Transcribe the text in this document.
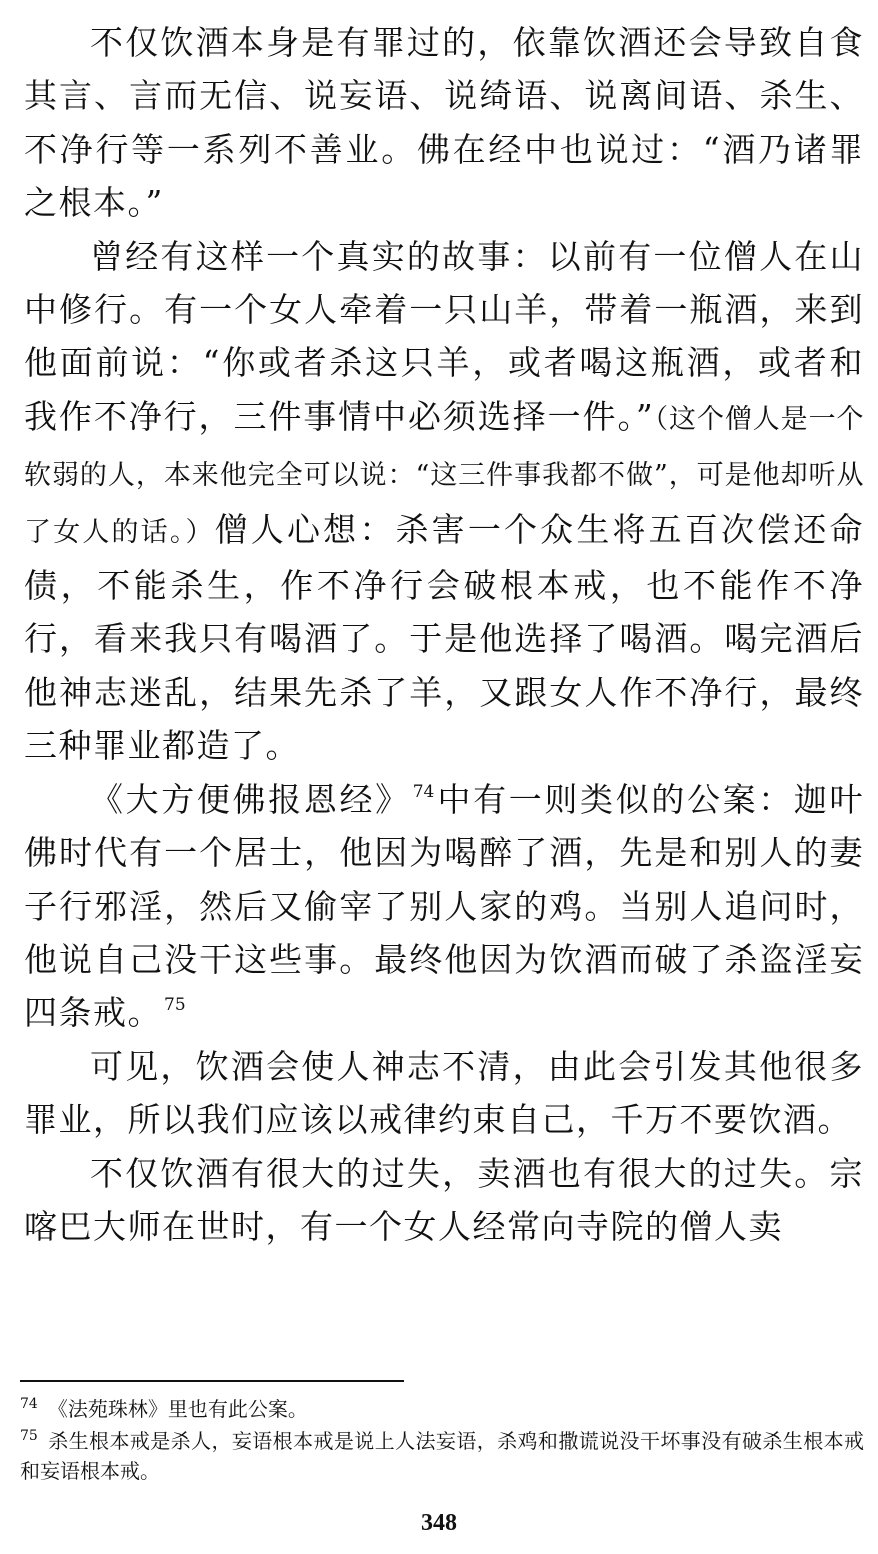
不仅饮酒本身是有罪过的，依靠饮酒还会导致自食其言、言而无信、说妄语、说绮语、说离间语、杀生、不净行等一系列不善业。佛在经中也说过：“酒乃诸罪之根本。”

曾经有这样一个真实的故事：以前有一位僧人在山中修行。有一个女人牵着一只山羊，带着一瓶酒，来到他面前说：“你或者杀这只羊，或者喝这瓶酒，或者和我作不净行，三件事情中必须选择一件。”（这个僧人是一个软弱的人，本来他完全可以说：“这三件事我都不做”，可是他却听从了女人的话。）僧人心想：杀害一个众生将五百次偿还命债，不能杀生，作不净行会破根本戒，也不能作不净行，看来我只有喝酒了。于是他选择了喝酒。喝完酒后他神志迷乱，结果先杀了羊，又跟女人作不净行，最终三种罪业都造了。

《大方便佛报恩经》 $^{74}$中有一则类似的公案：迦叶佛时代有一个居士，他因为喝醉了酒，先是和别人的妻子行邪淫，然后又偷宰了别人家的鸡。当别人追问时，他说自己没干这些事。最终他因为饮酒而破了杀盗淫妄四条戒。 $^{75}$

可见，饮酒会使人神志不清，由此会引发其他很多罪业，所以我们应该以戒律约束自己，千万不要饮酒。

不仅饮酒有很大的过失，卖酒也有很大的过失。宗喀巴大师在世时，有一个女人经常向寺院的僧人卖

$^{74}$ 《法苑珠林》里也有此公案。
$^{75}$ 杀生根本戒是杀人，妄语根本戒是说上人法妄语，杀鸡和撒谎说没干坏事没有破杀生根本戒和妄语根本戒。
348
